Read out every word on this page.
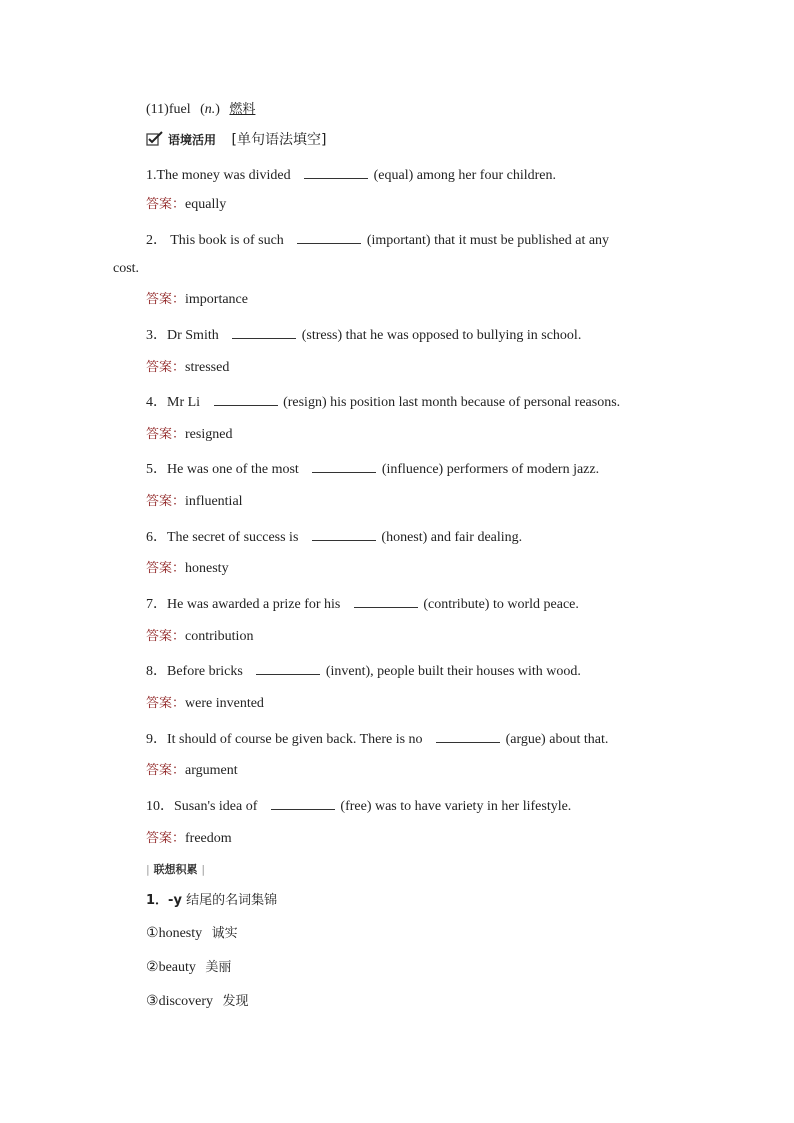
(11)fuel (n.) 燃料
语境活用 [单句语法填空]
1.The money was divided	(equal) among her four children.
答案：equally
2． This book is of such	(important) that it must be published at any
cost.
答案：importance
3．Dr Smith	(stress) that he was opposed to bullying in school.
答案：stressed
4．Mr Li	(resign) his position last month because of personal reasons.
答案：resigned
5．He was one of the most	(influence) performers of modern jazz.
答案：influential
6．The secret of success is	(honest) and fair dealing.
答案：honesty
7．He was awarded a prize for his	(contribute) to world peace.
答案：contribution
8．Before bricks	(invent), people built their houses with wood.
答案：were invented
9．It should of course be given back. There is no	(argue) about that.
答案：argument
10．Susan's idea of	(free) was to have variety in her lifestyle.
答案：freedom
| 联想积累 |
1．-y 结尾的名词集锦
①honesty 诚实
②beauty 美丽
③discovery 发现
